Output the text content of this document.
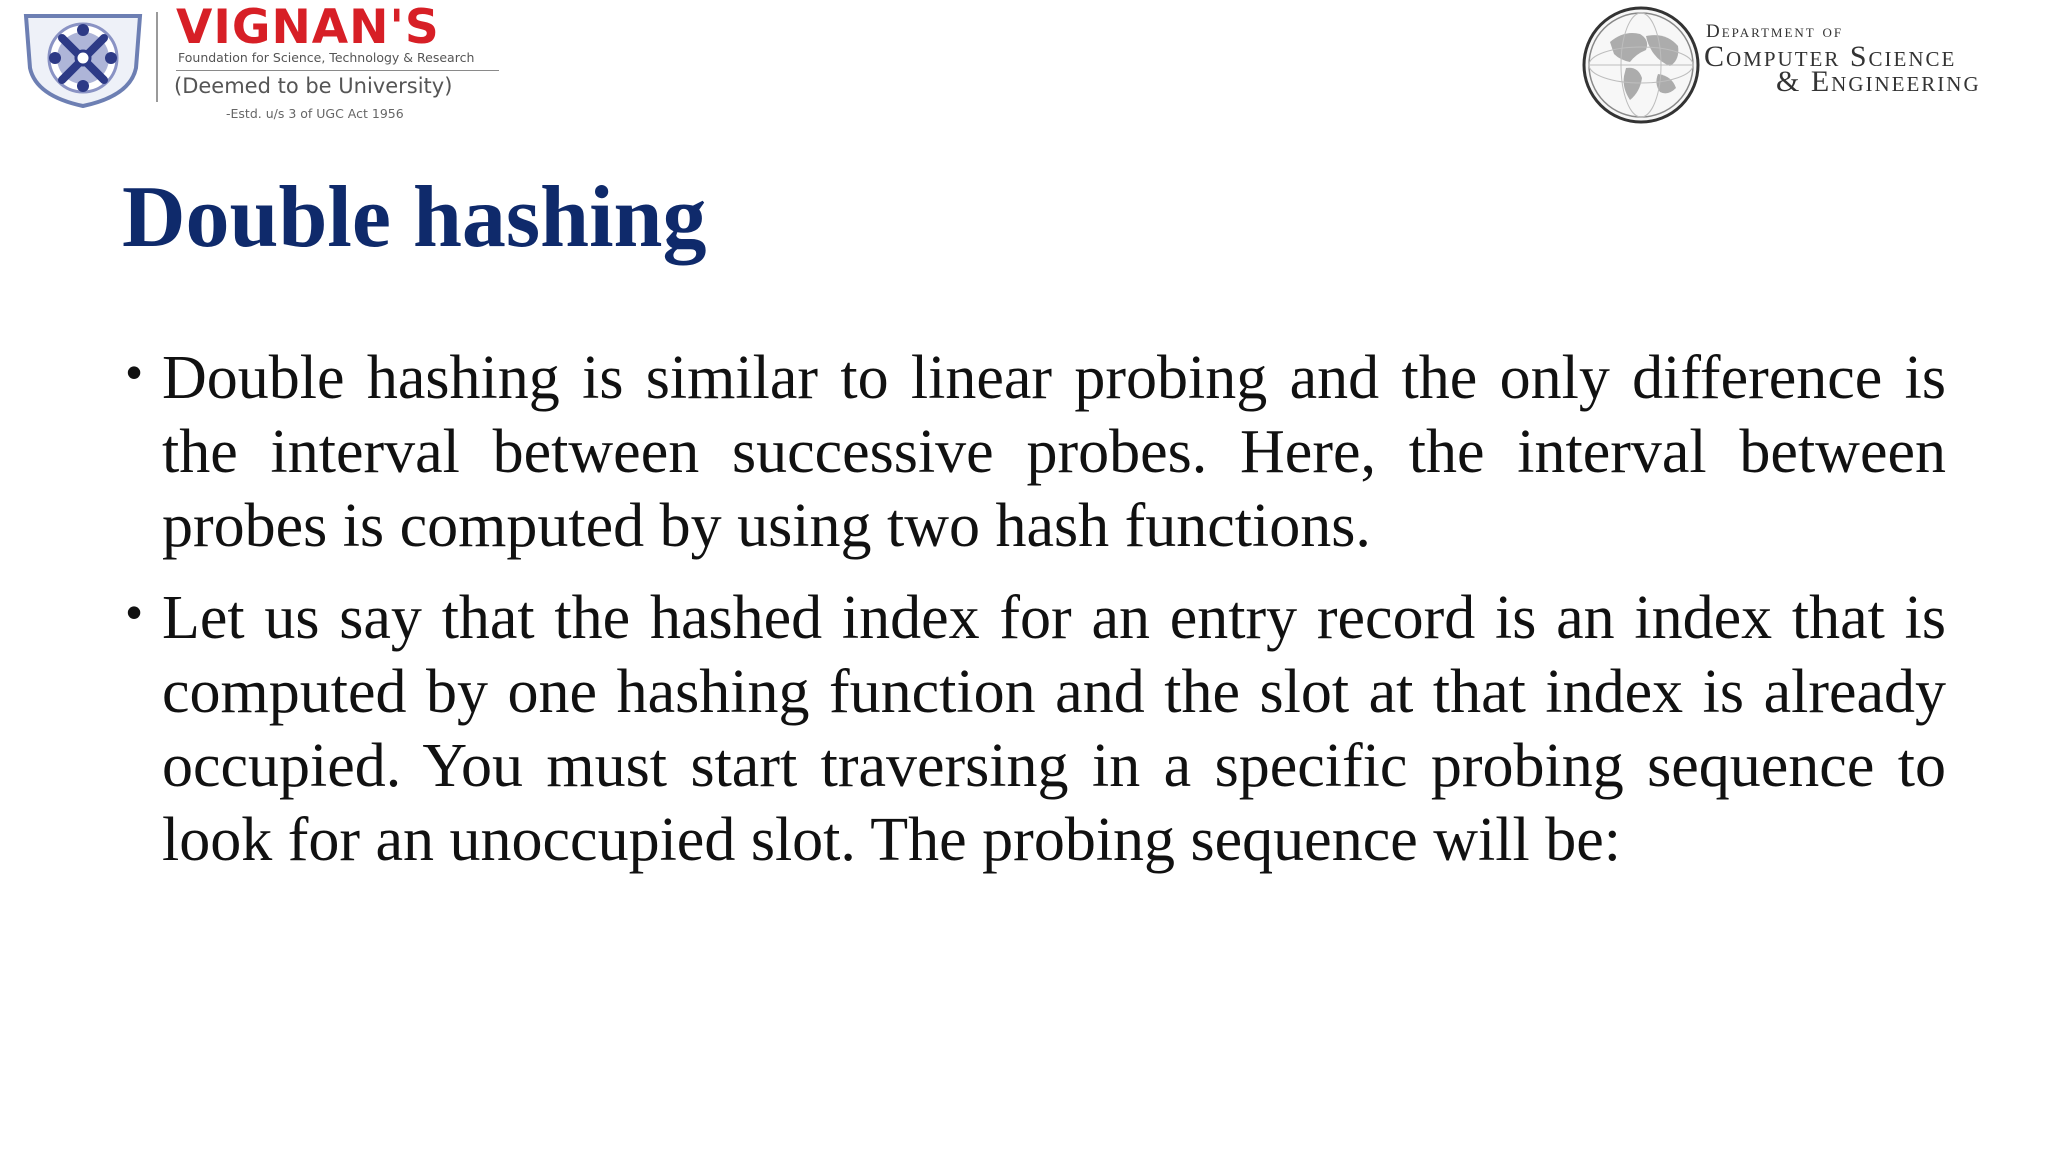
VIGNAN'S
Foundation for Science, Technology & Research
(Deemed to be University)
-Estd. u/s 3 of UGC Act 1956
Department of
Computer Science
& Engineering
Double hashing
• Double hashing is similar to linear probing and the only difference is the interval between successive probes. Here, the interval between probes is computed by using two hash functions.
• Let us say that the hashed index for an entry record is an index that is computed by one hashing function and the slot at that index is already occupied. You must start traversing in a specific probing sequence to look for an unoccupied slot. The probing sequence will be:
